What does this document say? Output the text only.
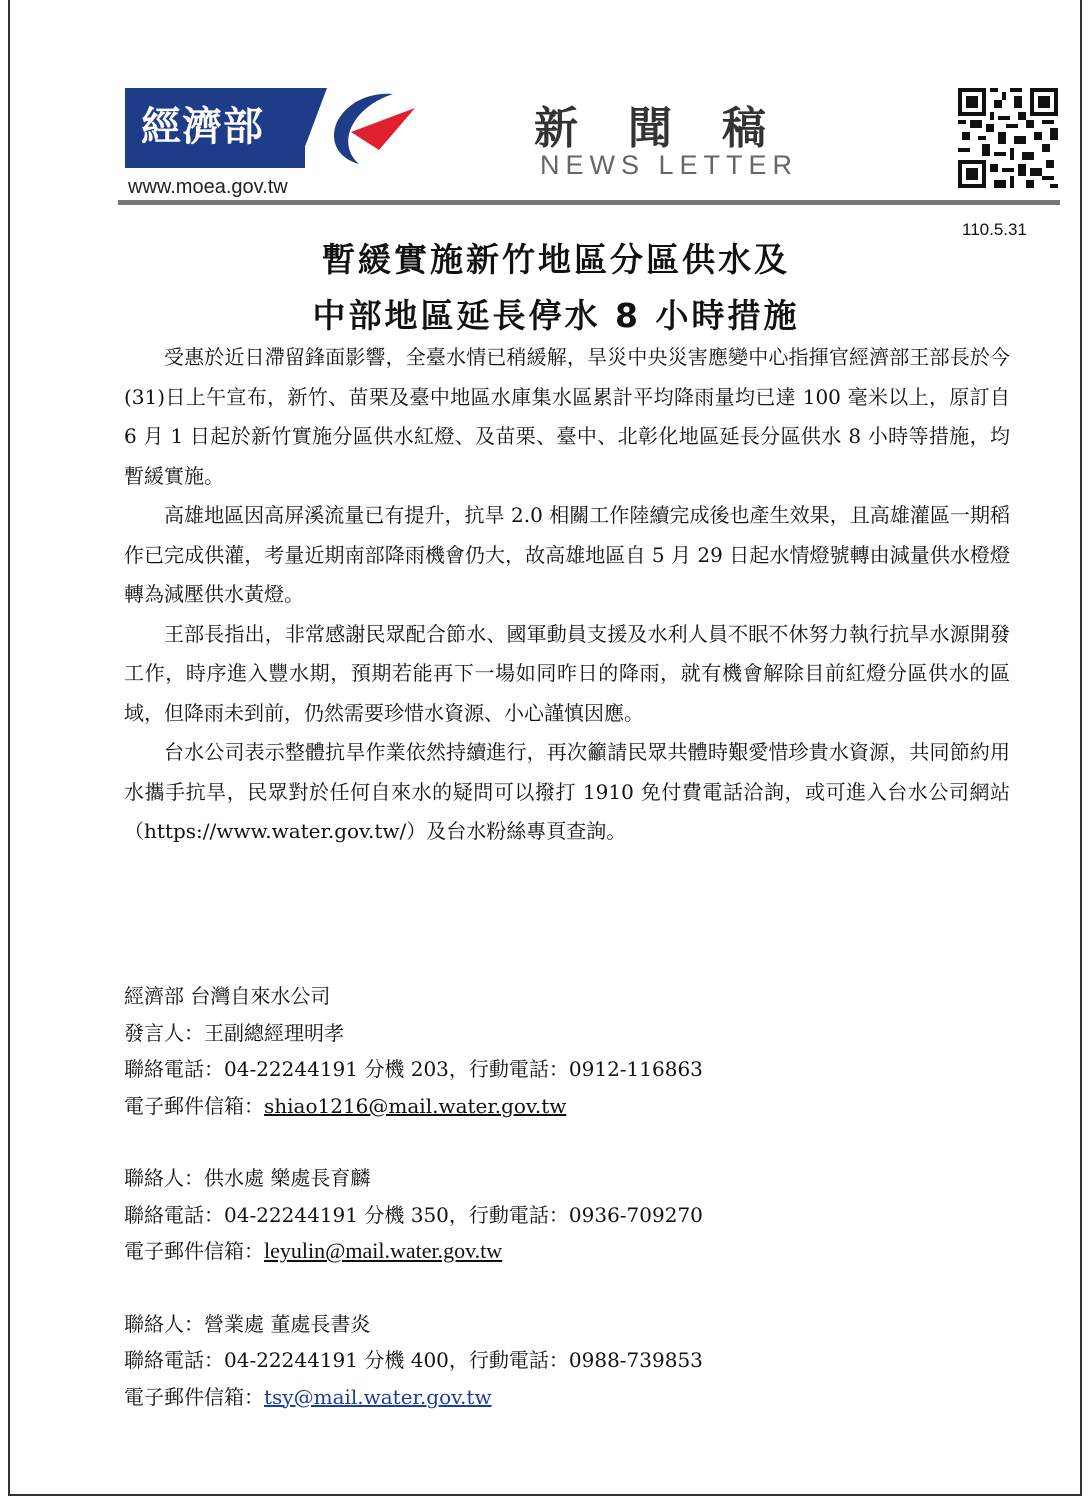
經濟部
www.moea.gov.tw
新聞稿
NEWS LETTER
110.5.31
暫緩實施新竹地區分區供水及
中部地區延長停水 8 小時措施

受惠於近日滯留鋒面影響，全臺水情已稍緩解，旱災中央災害應變中心指揮官經濟部王部長於今(31)日上午宣布，新竹、苗栗及臺中地區水庫集水區累計平均降雨量均已達 100 毫米以上，原訂自 6 月 1 日起於新竹實施分區供水紅燈、及苗栗、臺中、北彰化地區延長分區供水 8 小時等措施，均暫緩實施。

高雄地區因高屏溪流量已有提升，抗旱 2.0 相關工作陸續完成後也產生效果，且高雄灌區一期稻作已完成供灌，考量近期南部降雨機會仍大，故高雄地區自 5 月 29 日起水情燈號轉由減量供水橙燈轉為減壓供水黃燈。

王部長指出，非常感謝民眾配合節水、國軍動員支援及水利人員不眠不休努力執行抗旱水源開發工作，時序進入豐水期，預期若能再下一場如同昨日的降雨，就有機會解除目前紅燈分區供水的區域，但降雨未到前，仍然需要珍惜水資源、小心謹慎因應。

台水公司表示整體抗旱作業依然持續進行，再次籲請民眾共體時艱愛惜珍貴水資源，共同節約用水攜手抗旱，民眾對於任何自來水的疑問可以撥打 1910 免付費電話洽詢，或可進入台水公司網站（https://www.water.gov.tw/）及台水粉絲專頁查詢。

經濟部 台灣自來水公司
發言人：王副總經理明孝
聯絡電話：04-22244191 分機 203，行動電話：0912-116863
電子郵件信箱：shiao1216@mail.water.gov.tw
聯絡人：供水處 樂處長育麟
聯絡電話：04-22244191 分機 350，行動電話：0936-709270
電子郵件信箱：leyulin@mail.water.gov.tw
聯絡人：營業處 董處長書炎
聯絡電話：04-22244191 分機 400，行動電話：0988-739853
電子郵件信箱：tsy@mail.water.gov.tw
